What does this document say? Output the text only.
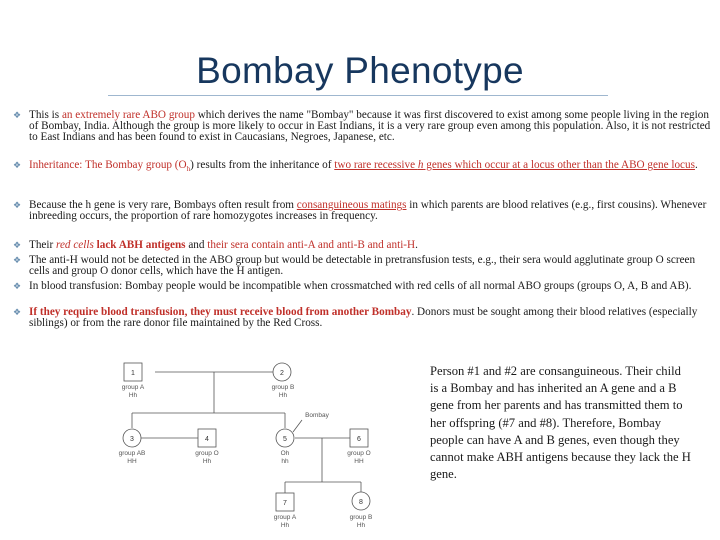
Bombay Phenotype
❖ This is an extremely rare ABO group which derives the name "Bombay" because it was first discovered to exist among some people living in the region of Bombay, India. Although the group is more likely to occur in East Indians, it is a very rare group even among this population. Also, it is not restricted to East Indians and has been found to exist in Caucasians, Negroes, Japanese, etc.
❖ Inheritance: The Bombay group $(O_h)$ results from the inheritance of two rare recessive h genes which occur at a locus other than the ABO gene locus.
❖ Because the h gene is very rare, Bombays often result from consanguineous matings in which parents are blood relatives (e.g., first cousins). Whenever inbreeding occurs, the proportion of rare homozygotes increases in frequency.
❖ Their red cells lack ABH antigens and their sera contain anti-A and anti-B and anti-H.
❖ The anti-H would not be detected in the ABO group but would be detectable in pretransfusion tests, e.g., their sera would agglutinate group O screen cells and group O donor cells, which have the H antigen.
❖ In blood transfusion: Bombay people would be incompatible when crossmatched with red cells of all normal ABO groups (groups O, A, B and AB).
❖ If they require blood transfusion, they must receive blood from another Bombay. Donors must be sought among their blood relatives (especially siblings) or from the rare donor file maintained by the Red Cross.
1	2
3	4	5	6
7	8
group A
Hh
group B
Hh
Bombay
group AB
HH
group O
Hh
Oh
hh
group O
HH
group A
Hh
group B
Hh
Person #1 and #2 are consanguineous. Their child is a Bombay and has inherited an A gene and a B gene from her parents and has transmitted them to her offspring (#7 and #8). Therefore, Bombay people can have A and B genes, even though they cannot make ABH antigens because they lack the H gene.
